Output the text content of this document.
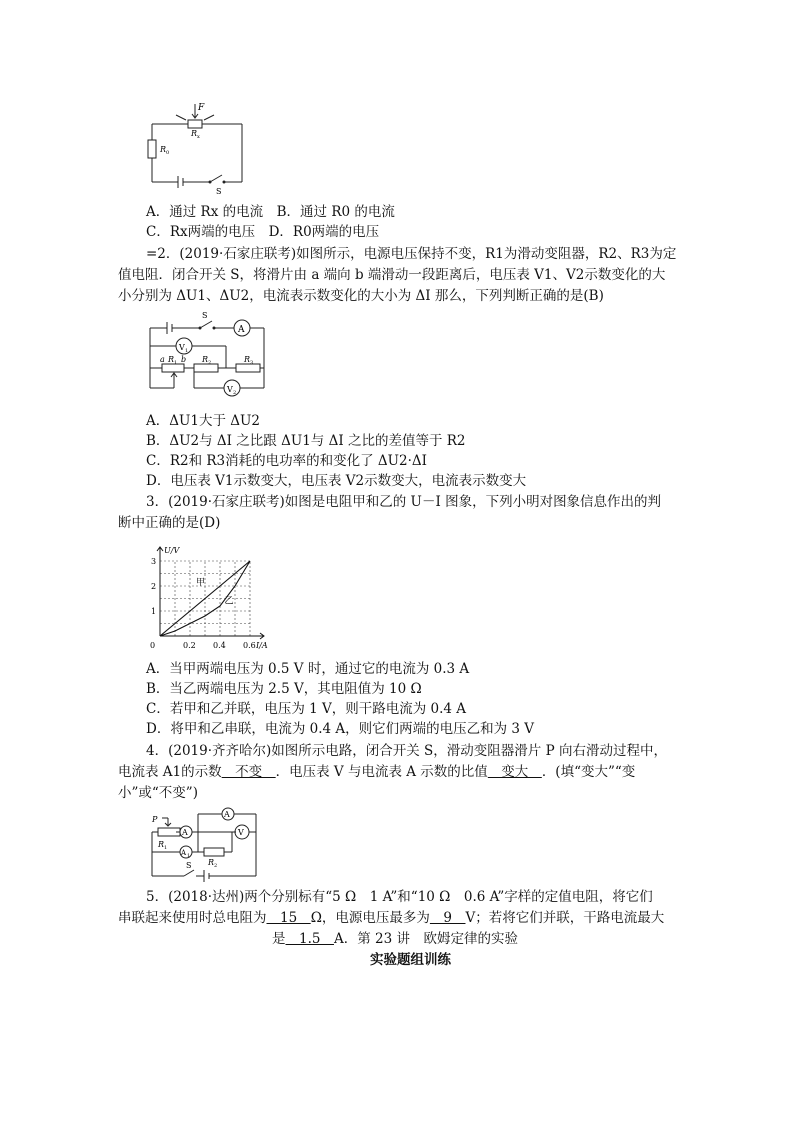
F
R x
R 0
S
A．通过 Rx 的电流　B．通过 R0 的电流
C．Rx两端的电压　D．R0两端的电压
=2．(2019·石家庄联考)如图所示，电源电压保持不变，R1为滑动变阻器，R2、R3为定
值电阻．闭合开关 S，将滑片由 a 端向 b 端滑动一段距离后，电压表 V1、V2示数变化的大
小分别为 ΔU1、ΔU2，电流表示数变化的大小为 ΔI 那么，下列判断正确的是(B)
S
A
V 1
V 2
a R 1 b R 2	R 3
A．ΔU1大于 ΔU2
B．ΔU2与 ΔI 之比跟 ΔU1与 ΔI 之比的差值等于 R2
C．R2和 R3消耗的电功率的和变化了 ΔU2·ΔI
D．电压表 V1示数变大，电压表 V2示数变大，电流表示数变大
3．(2019·石家庄联考)如图是电阻甲和乙的 U－I 图象，下列小明对图象信息作出的判
断中正确的是(D)
甲
乙
0.2 0.4 0.6
1
2
3
0	I/A
U/V
A．当甲两端电压为 0.5 V 时，通过它的电流为 0.3 A
B．当乙两端电压为 2.5 V，其电阻值为 10 Ω
C．若甲和乙并联，电压为 1 V，则干路电流为 0.4 A
D．将甲和乙串联，电流为 0.4 A，则它们两端的电压乙和为 3 V
4．(2019·齐齐哈尔)如图所示电路，闭合开关 S，滑动变阻器滑片 P 向右滑动过程中，
电流表 A1的示数　不变　．电压表 V 与电流表 A 示数的比值　变大　．(填“变大”“变
小”或“不变”)
P
R 1
R 2
A
A 1
A
V
S
5．(2018·达州)两个分别标有“5 Ω　1 A”和“10 Ω　0.6 A”字样的定值电阻，将它们
串联起来使用时总电阻为　15　Ω，电源电压最多为　9　V；若将它们并联，干路电流最大
是　1.5　A．第 23 讲　欧姆定律的实验
实验题组训练
